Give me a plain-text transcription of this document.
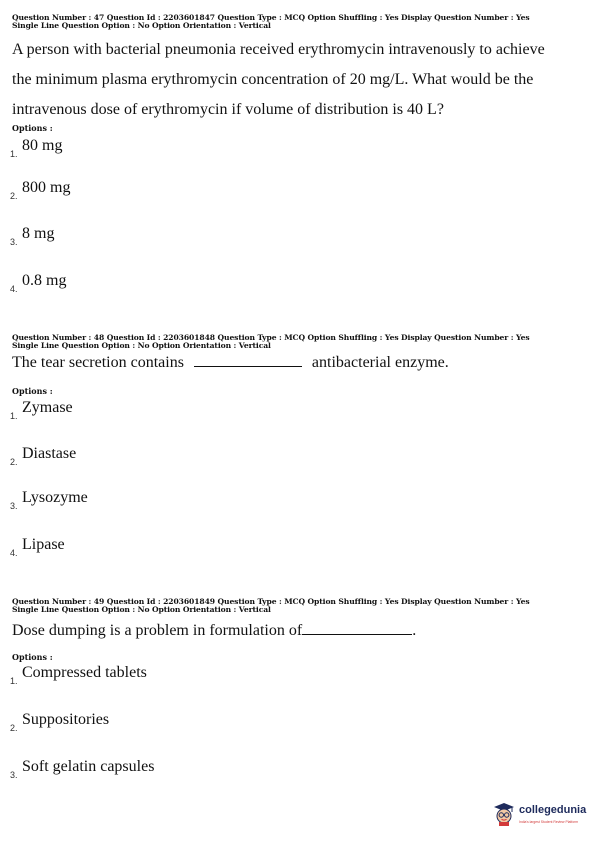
Question Number : 47 Question Id : 2203601847 Question Type : MCQ Option Shuffling : Yes Display Question Number : Yes
Single Line Question Option : No Option Orientation : Vertical
A person with bacterial pneumonia received erythromycin intravenously to achieve
the minimum plasma erythromycin concentration of 20 mg/L. What would be the
intravenous dose of erythromycin if volume of distribution is 40 L?
Options :
1. 80 mg
2. 800 mg
3. 8 mg
4. 0.8 mg
Question Number : 48 Question Id : 2203601848 Question Type : MCQ Option Shuffling : Yes Display Question Number : Yes
Single Line Question Option : No Option Orientation : Vertical
The tear secretion contains	antibacterial enzyme.
Options :
1. Zymase
2. Diastase
3. Lysozyme
4. Lipase
Question Number : 49 Question Id : 2203601849 Question Type : MCQ Option Shuffling : Yes Display Question Number : Yes
Single Line Question Option : No Option Orientation : Vertical
Dose dumping is a problem in formulation of	.
Options :
1. Compressed tablets
2. Suppositories
3. Soft gelatin capsules
collegedunia
India's largest Student Review Platform
